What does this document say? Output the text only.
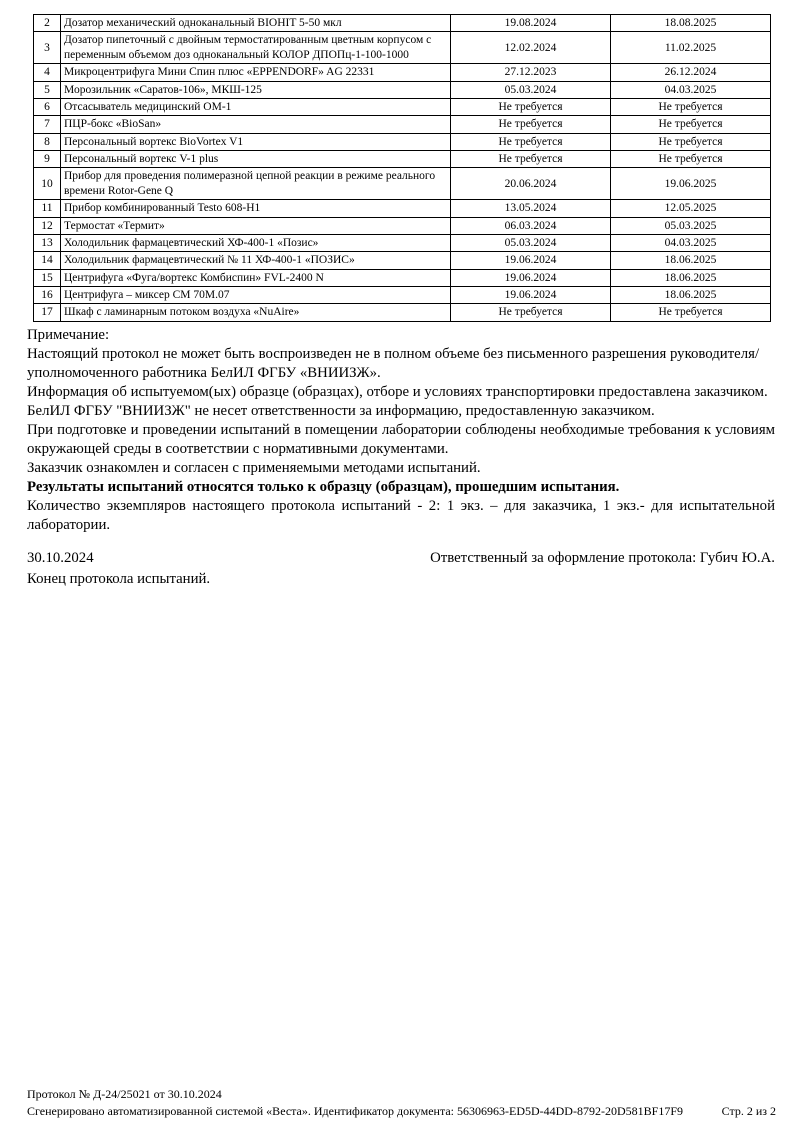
2	Дозатор механический одноканальный BIOHIT 5-50 мкл	19.08.2024	18.08.2025
3	Дозатор пипеточный с двойным термостатированным цветным корпусом с переменным объемом доз одноканальный КОЛОР ДПОПц-1-100-1000	12.02.2024	11.02.2025
4	Микроцентрифуга Мини Спин плюс «EPPENDORF» AG 22331	27.12.2023	26.12.2024
5	Морозильник «Саратов-106», МКШ-125	05.03.2024	04.03.2025
6	Отсасыватель медицинский ОМ-1	Не требуется	Не требуется
7	ПЦР-бокс «BioSan»	Не требуется	Не требуется
8	Персональный вортекс BioVortex V1	Не требуется	Не требуется
9	Персональный вортекс V-1 plus	Не требуется	Не требуется
10	Прибор для проведения полимеразной цепной реакции в режиме реального времени Rotor-Gene Q	20.06.2024	19.06.2025
11	Прибор комбинированный Testo 608-H1	13.05.2024	12.05.2025
12	Термостат «Термит»	06.03.2024	05.03.2025
13	Холодильник фармацевтический ХФ-400-1 «Позис»	05.03.2024	04.03.2025
14	Холодильник фармацевтический № 11 ХФ-400-1 «ПОЗИС»	19.06.2024	18.06.2025
15	Центрифуга «Фуга/вортекс Комбиспин» FVL-2400 N	19.06.2024	18.06.2025
16	Центрифуга – миксер СМ 70М.07	19.06.2024	18.06.2025
17	Шкаф с ламинарным потоком воздуха «NuAire»	Не требуется	Не требуется

Примечание:

Настоящий протокол не может быть воспроизведен не в полном объеме без письменного разрешения руководителя/уполномоченного работника БелИЛ ФГБУ «ВНИИЗЖ».

Информация об испытуемом(ых) образце (образцах), отборе и условиях транспортировки предоставлена заказчиком.

БелИЛ ФГБУ "ВНИИЗЖ" не несет ответственности за информацию, предоставленную заказчиком.

При подготовке и проведении испытаний в помещении лаборатории соблюдены необходимые требования к условиям окружающей среды в соответствии с нормативными документами.

Заказчик ознакомлен и согласен с применяемыми методами испытаний.

Результаты испытаний относятся только к образцу (образцам), прошедшим испытания.

Количество экземпляров настоящего протокола испытаний - 2: 1 экз. – для заказчика, 1 экз.- для испытательной лаборатории.

30.10.2024	Ответственный за оформление протокола: Губич Ю.А.
Конец протокола испытаний.
Протокол № Д-24/25021 от 30.10.2024
Сгенерировано автоматизированной системой «Веста». Идентификатор документа: 56306963-ED5D-44DD-8792-20D581BF17F9	Стр. 2 из 2
